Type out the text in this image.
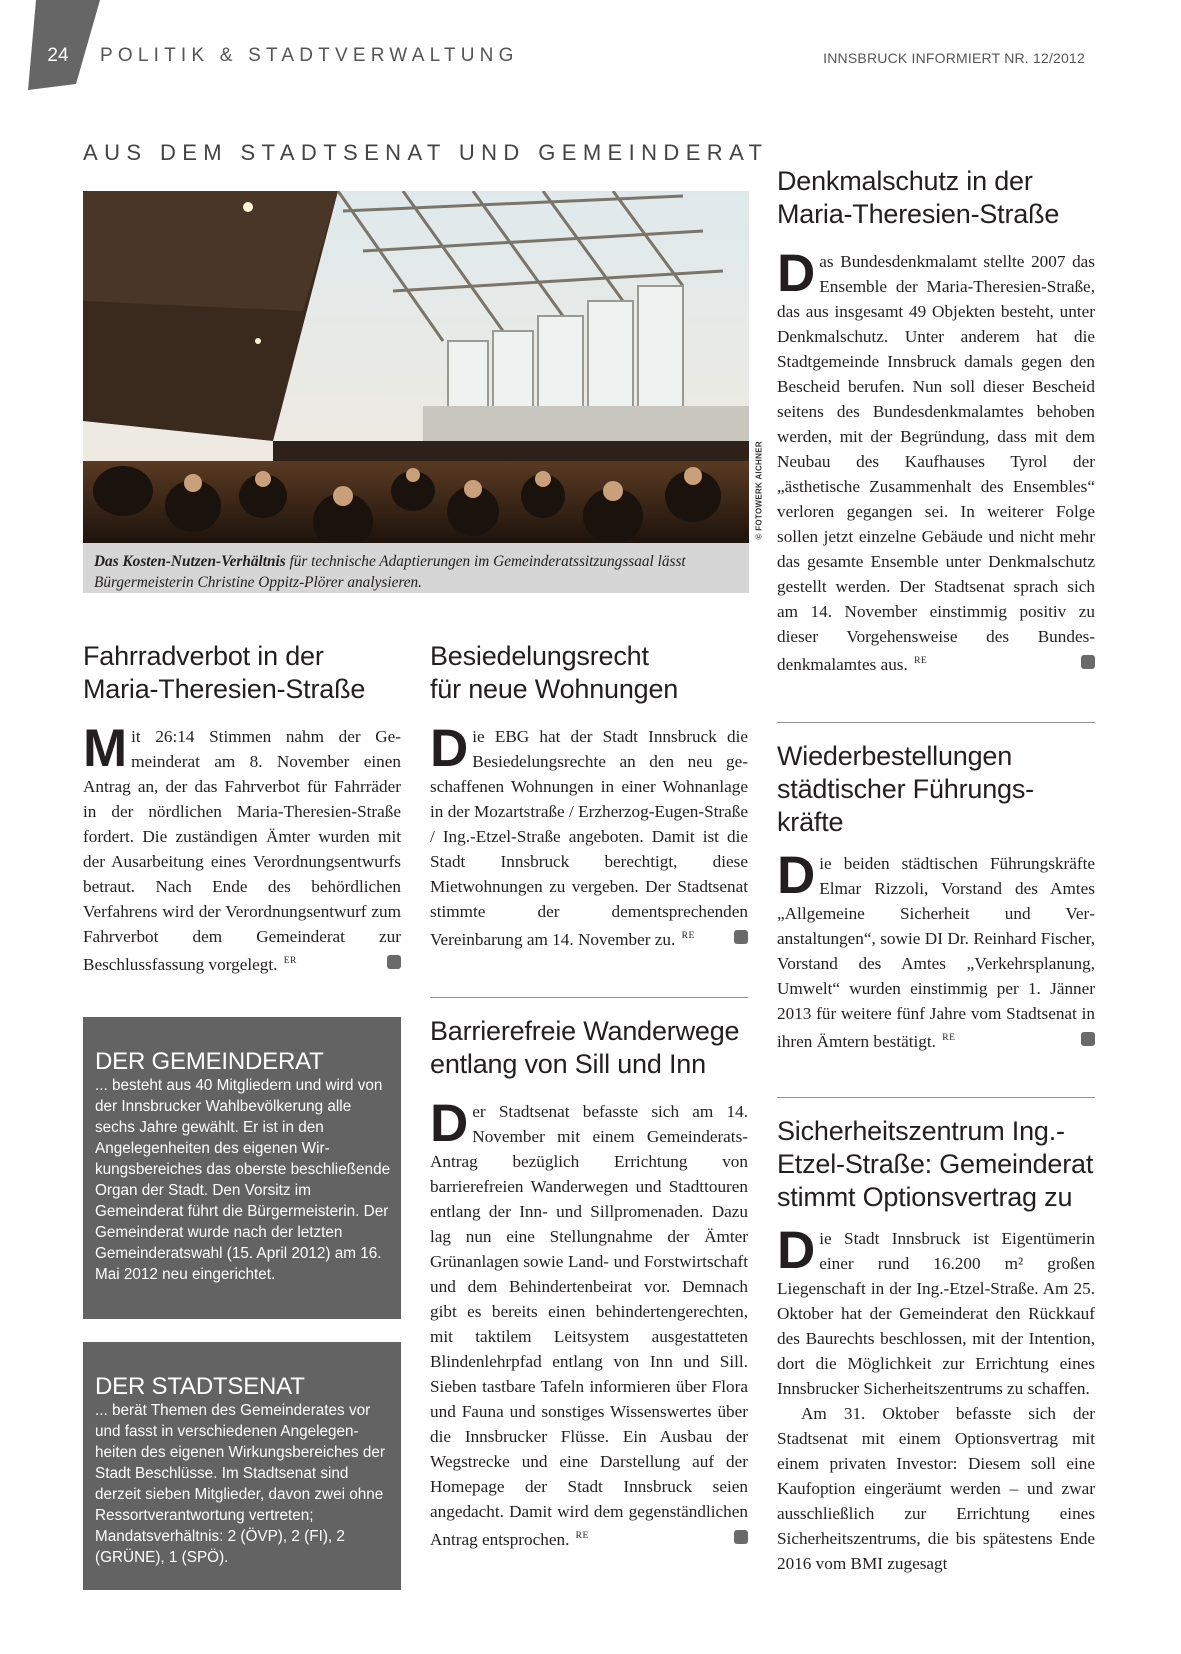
24	POLITIK & STADTVERWALTUNG	INNSBRUCK INFORMIERT NR. 12/2012
AUS DEM STADTSENAT UND GEMEINDERAT
© FOTOWERK AICHNER
Das Kosten-Nutzen-Verhältnis für technische Adaptierungen im Gemeinderatssitzungssaal lässt Bürgermeisterin Christine Oppitz-Plörer analysieren.
Fahrradverbot in der
Maria-Theresien-Straße

Mit 26:14 Stimmen nahm der Gemeinderat am 8. November einen Antrag an, der das Fahrverbot für Fahrräder in der nördlichen Maria-Theresien-Straße fordert. Die zuständigen Ämter wurden mit der Ausarbeitung eines Verordnungsentwurfs betraut. Nach Ende des behördlichen Verfahrens wird der Verordnungsentwurf zum Fahrverbot dem Gemeinderat zur Beschlussfassung vorgelegt. $^{ER}$

DER GEMEINDERAT

... besteht aus 40 Mitgliedern und wird von der Innsbrucker Wahlbevölkerung alle sechs Jahre gewählt. Er ist in den Angelegenheiten des eigenen Wirkungsbereiches das oberste beschließende Organ der Stadt. Den Vorsitz im Gemeinderat führt die Bürgermeisterin. Der Gemeinderat wurde nach der letzten Gemeinderatswahl (15. April 2012) am 16. Mai 2012 neu eingerichtet.

DER STADTSENAT

... berät Themen des Gemeinderates vor und fasst in verschiedenen Angelegenheiten des eigenen Wirkungsbereiches der Stadt Beschlüsse. Im Stadtsenat sind derzeit sieben Mitglieder, davon zwei ohne Ressortverantwortung vertreten; Mandatsverhältnis: 2 (ÖVP), 2 (FI), 2 (GRÜNE), 1 (SPÖ).

Besiedelungsrecht
für neue Wohnungen

Die EBG hat der Stadt Innsbruck die Besiedelungsrechte an den neu geschaffenen Wohnungen in einer Wohnanlage in der Mozartstraße / Erzherzog-Eugen-Straße / Ing.-Etzel-Straße angeboten. Damit ist die Stadt Innsbruck berechtigt, diese Mietwohnungen zu vergeben. Der Stadtsenat stimmte der dementsprechenden Vereinbarung am 14. November zu. $^{RE}$

Barrierefreie Wanderwege
entlang von Sill und Inn

Der Stadtsenat befasste sich am 14. November mit einem Gemeinderats-Antrag bezüglich Errichtung von barrierefreien Wanderwegen und Stadttouren entlang der Inn- und Sillpromenaden. Dazu lag nun eine Stellungnahme der Ämter Grünanlagen sowie Land- und Forstwirtschaft und dem Behindertenbeirat vor. Demnach gibt es bereits einen behindertengerechten, mit taktilem Leitsystem ausgestatteten Blindenlehrpfad entlang von Inn und Sill. Sieben tastbare Tafeln informieren über Flora und Fauna und sonstiges Wissenswertes über die Innsbrucker Flüsse. Ein Ausbau der Wegstrecke und eine Darstellung auf der Homepage der Stadt Innsbruck seien angedacht. Damit wird dem gegenständlichen Antrag entsprochen. $^{RE}$

Denkmalschutz in der
Maria-Theresien-Straße

Das Bundesdenkmalamt stellte 2007 das Ensemble der Maria-Theresien-Straße, das aus insgesamt 49 Objekten besteht, unter Denkmalschutz. Unter anderem hat die Stadtgemeinde Innsbruck damals gegen den Bescheid berufen. Nun soll dieser Bescheid seitens des Bundesdenkmalamtes behoben werden, mit der Begründung, dass mit dem Neubau des Kaufhauses Tyrol der „ästhetische Zusammenhalt des Ensembles“ verloren gegangen sei. In weiterer Folge sollen jetzt einzelne Gebäude und nicht mehr das gesamte Ensemble unter Denkmalschutz gestellt werden. Der Stadtsenat sprach sich am 14. November einstimmig positiv zu dieser Vorgehensweise des Bundesdenkmalamtes aus. $^{RE}$

Wiederbestellungen
städtischer Führungs-
kräfte

Die beiden städtischen Führungskräfte Elmar Rizzoli, Vorstand des Amtes „Allgemeine Sicherheit und Veranstaltungen“, sowie DI Dr. Reinhard Fischer, Vorstand des Amtes „Verkehrsplanung, Umwelt“ wurden einstimmig per 1. Jänner 2013 für weitere fünf Jahre vom Stadtsenat in ihren Ämtern bestätigt. $^{RE}$

Sicherheitszentrum Ing.-
Etzel-Straße: Gemeinderat
stimmt Optionsvertrag zu

Die Stadt Innsbruck ist Eigentümerin einer rund 16.200 m² großen Liegenschaft in der Ing.-Etzel-Straße. Am 25. Oktober hat der Gemeinderat den Rückkauf des Baurechts beschlossen, mit der Intention, dort die Möglichkeit zur Errichtung eines Innsbrucker Sicherheitszentrums zu schaffen.

Am 31. Oktober befasste sich der Stadtsenat mit einem Optionsvertrag mit einem privaten Investor: Diesem soll eine Kaufoption eingeräumt werden – und zwar ausschließlich zur Errichtung eines Sicherheitszentrums, die bis spätestens Ende 2016 vom BMI zugesagt
